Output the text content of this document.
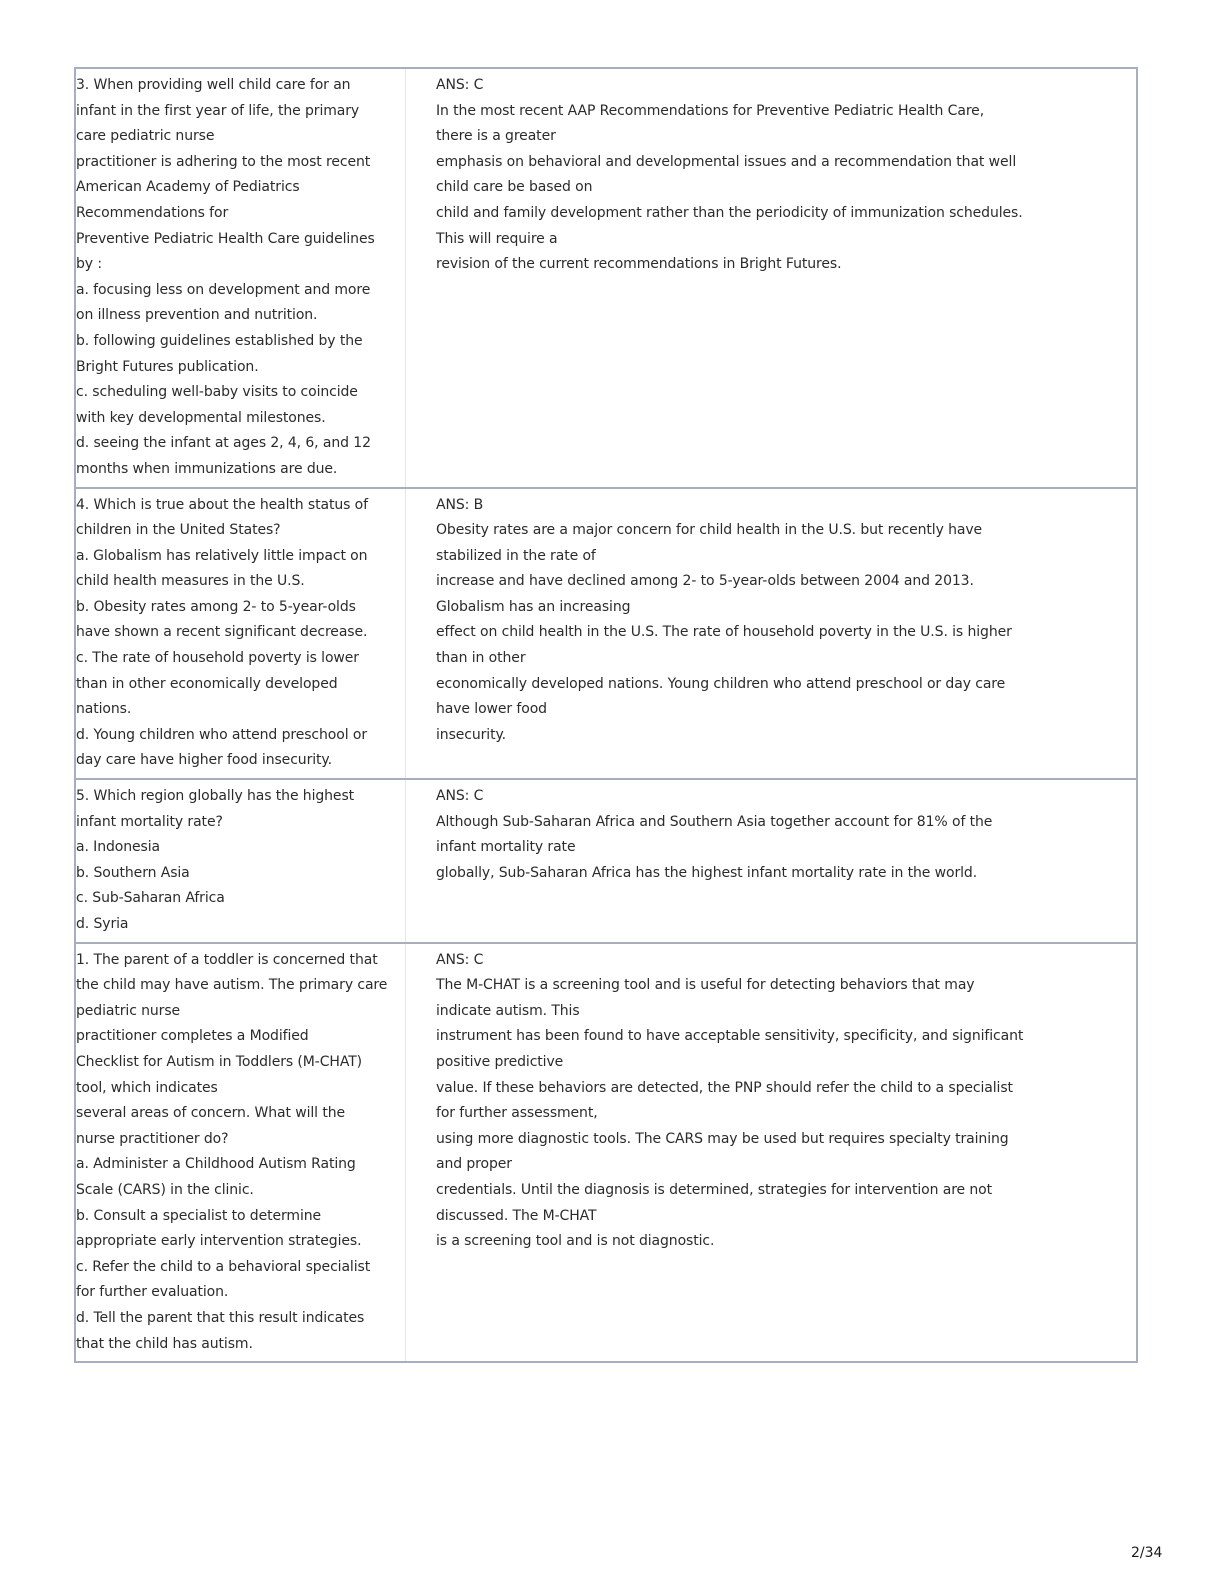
3. When providing well child care for an
infant in the first year of life, the primary
care pediatric nurse
practitioner is adhering to the most recent
American Academy of Pediatrics
Recommendations for
Preventive Pediatric Health Care guidelines
by :
a. focusing less on development and more
on illness prevention and nutrition.
b. following guidelines established by the
Bright Futures publication.
c. scheduling well-baby visits to coincide
with key developmental milestones.
d. seeing the infant at ages 2, 4, 6, and 12
months when immunizations are due.
ANS: C
In the most recent AAP Recommendations for Preventive Pediatric Health Care,
there is a greater
emphasis on behavioral and developmental issues and a recommendation that well
child care be based on
child and family development rather than the periodicity of immunization schedules.
This will require a
revision of the current recommendations in Bright Futures.
4. Which is true about the health status of
children in the United States?
a. Globalism has relatively little impact on
child health measures in the U.S.
b. Obesity rates among 2- to 5-year-olds
have shown a recent significant decrease.
c. The rate of household poverty is lower
than in other economically developed
nations.
d. Young children who attend preschool or
day care have higher food insecurity.
ANS: B
Obesity rates are a major concern for child health in the U.S. but recently have
stabilized in the rate of
increase and have declined among 2- to 5-year-olds between 2004 and 2013.
Globalism has an increasing
effect on child health in the U.S. The rate of household poverty in the U.S. is higher
than in other
economically developed nations. Young children who attend preschool or day care
have lower food
insecurity.
5. Which region globally has the highest
infant mortality rate?
a. Indonesia
b. Southern Asia
c. Sub-Saharan Africa
d. Syria
ANS: C
Although Sub-Saharan Africa and Southern Asia together account for 81% of the
infant mortality rate
globally, Sub-Saharan Africa has the highest infant mortality rate in the world.
1. The parent of a toddler is concerned that
the child may have autism. The primary care
pediatric nurse
practitioner completes a Modified
Checklist for Autism in Toddlers (M-CHAT)
tool, which indicates
several areas of concern. What will the
nurse practitioner do?
a. Administer a Childhood Autism Rating
Scale (CARS) in the clinic.
b. Consult a specialist to determine
appropriate early intervention strategies.
c. Refer the child to a behavioral specialist
for further evaluation.
d. Tell the parent that this result indicates
that the child has autism.
ANS: C
The M-CHAT is a screening tool and is useful for detecting behaviors that may
indicate autism. This
instrument has been found to have acceptable sensitivity, specificity, and significant
positive predictive
value. If these behaviors are detected, the PNP should refer the child to a specialist
for further assessment,
using more diagnostic tools. The CARS may be used but requires specialty training
and proper
credentials. Until the diagnosis is determined, strategies for intervention are not
discussed. The M-CHAT
is a screening tool and is not diagnostic.
2/34
